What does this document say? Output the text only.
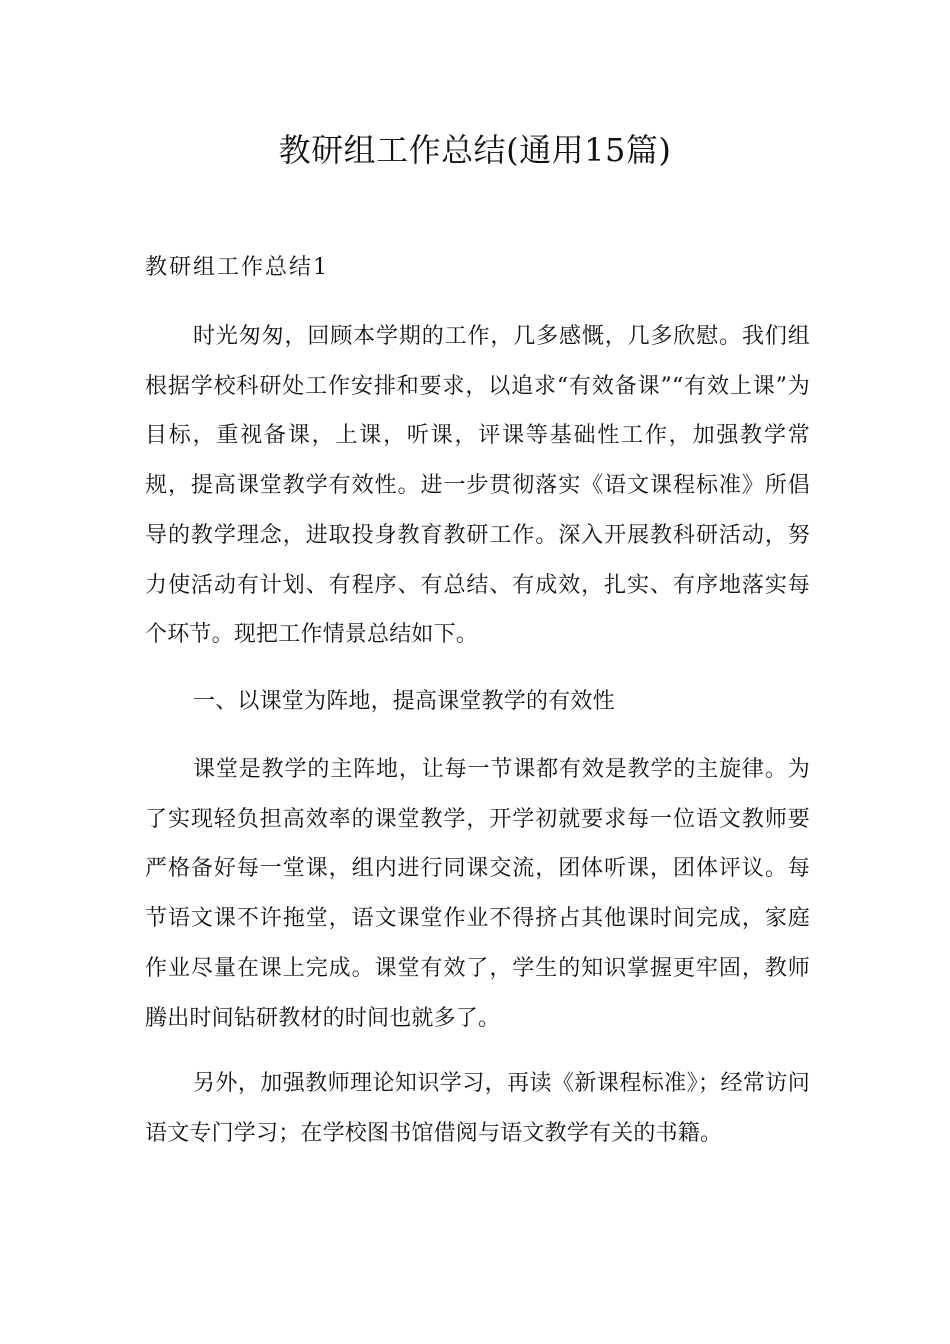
教研组工作总结(通用15篇)
教研组工作总结1

时光匆匆，回顾本学期的工作，几多感慨，几多欣慰。我们组根据学校科研处工作安排和要求，以追求“有效备课”“有效上课”为目标，重视备课，上课，听课，评课等基础性工作，加强教学常规，提高课堂教学有效性。进一步贯彻落实《语文课程标准》所倡导的教学理念，进取投身教育教研工作。深入开展教科研活动，努力使活动有计划、有程序、有总结、有成效，扎实、有序地落实每个环节。现把工作情景总结如下。

一、以课堂为阵地，提高课堂教学的有效性

课堂是教学的主阵地，让每一节课都有效是教学的主旋律。为了实现轻负担高效率的课堂教学，开学初就要求每一位语文教师要严格备好每一堂课，组内进行同课交流，团体听课，团体评议。每节语文课不许拖堂，语文课堂作业不得挤占其他课时间完成，家庭作业尽量在课上完成。课堂有效了，学生的知识掌握更牢固，教师腾出时间钻研教材的时间也就多了。

另外，加强教师理论知识学习，再读《新课程标准》；经常访问语文专门学习；在学校图书馆借阅与语文教学有关的书籍。
